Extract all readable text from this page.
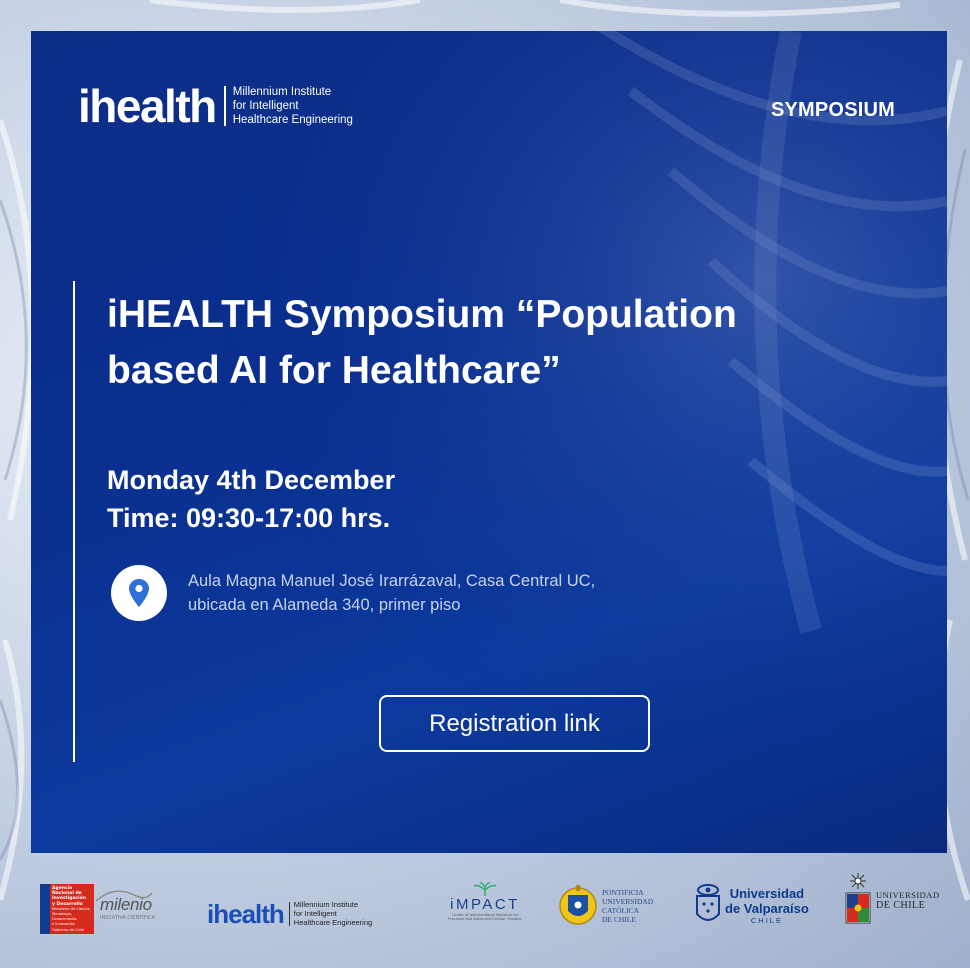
ihealth Millennium Institute
for Intelligent
Healthcare Engineering	SYMPOSIUM
iHEALTH Symposium “Population
based AI for Healthcare”
Monday 4th December
Time: 09:30-17:00 hrs.
Aula Magna Manuel José Irarrázaval, Casa Central UC,
ubicada en Alameda 340, primer piso
Registration link
Agencia
Nacional de
Investigación
y Desarrollo
Ministerio de Ciencia,
Tecnología, Conocimiento
e Innovación
Gobierno de Chile
milenio
INICIATIVA CIENTÍFICA ihealth Millennium Institute
for Intelligent
Healthcare Engineering
iMPACT
Center of Interventional Medicine for
Precision and Advanced Cellular Therapy
PONTIFICIA
UNIVERSIDAD
CATÓLICA
DE CHILE
Universidad
de Valparaíso
CHILE
UNIVERSIDAD
DE CHILE
